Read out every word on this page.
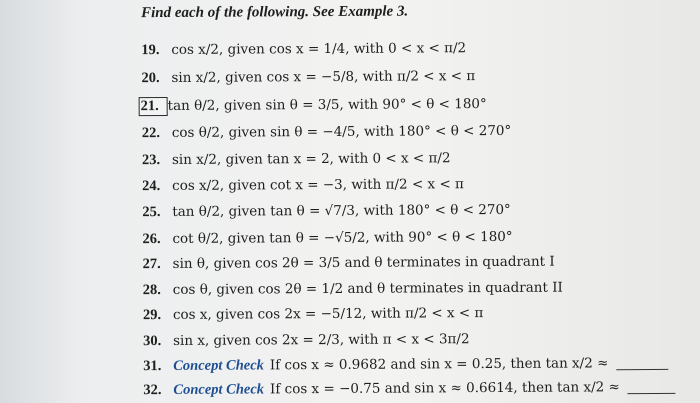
Find each of the following. See Example 3.
19. cos x/2, given cos x = 1/4, with 0 < x < π/2
20. sin x/2, given cos x = −5/8, with π/2 < x < π
21. tan θ/2, given sin θ = 3/5, with 90° < θ < 180°
22. cos θ/2, given sin θ = −4/5, with 180° < θ < 270°
23. sin x/2, given tan x = 2, with 0 < x < π/2
24. cos x/2, given cot x = −3, with π/2 < x < π
25. tan θ/2, given tan θ = √7/3, with 180° < θ < 270°
26. cot θ/2, given tan θ = −√5/2, with 90° < θ < 180°
27. sin θ, given cos 2θ = 3/5 and θ terminates in quadrant I
28. cos θ, given cos 2θ = 1/2 and θ terminates in quadrant II
29. cos x, given cos 2x = −5/12, with π/2 < x < π
30. sin x, given cos 2x = 2/3, with π < x < 3π/2
31. Concept Check If cos x ≈ 0.9682 and sin x = 0.25, then tan x/2 ≈
32. Concept Check If cos x = −0.75 and sin x ≈ 0.6614, then tan x/2 ≈
